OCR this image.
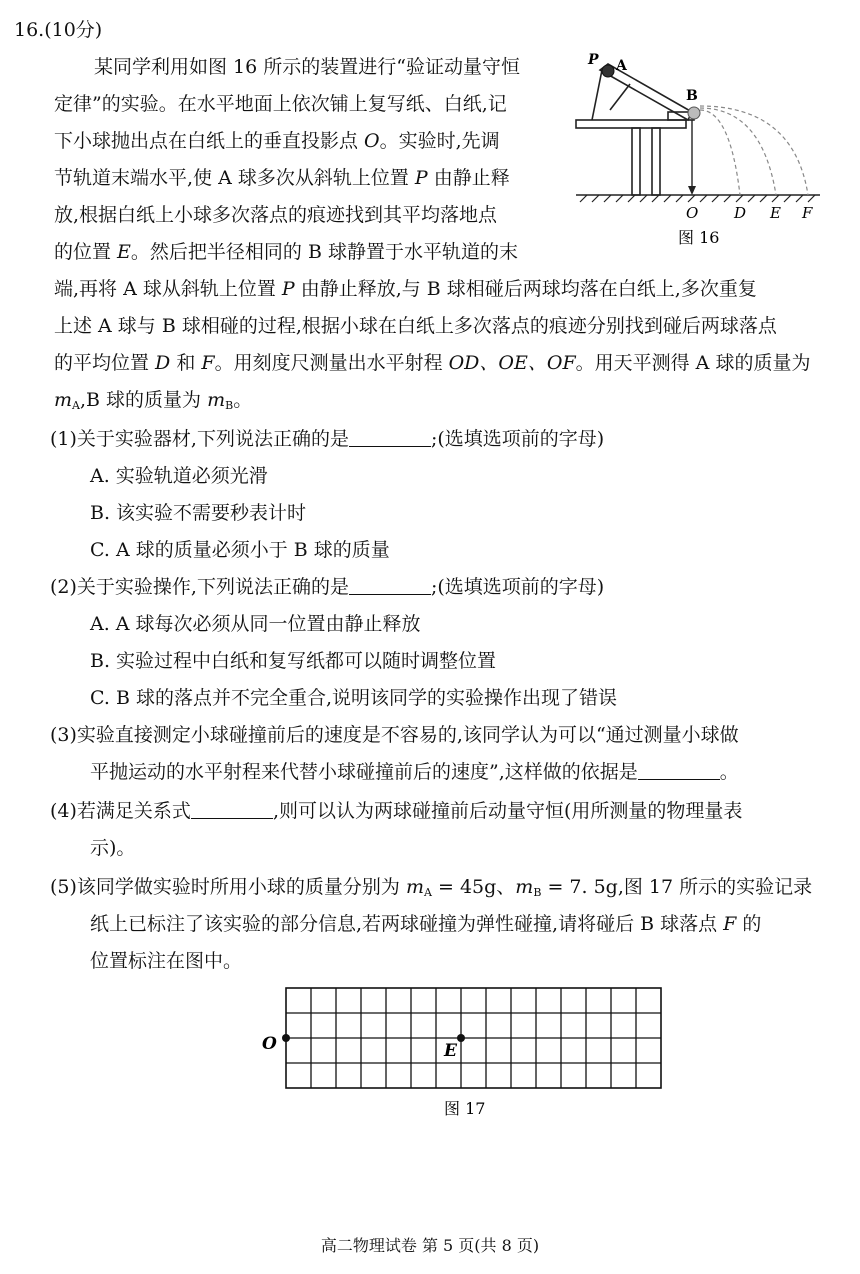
16.(10分)
某同学利用如图 16 所示的装置进行“验证动量守恒
定律”的实验。在水平地面上依次铺上复写纸、白纸,记
下小球抛出点在白纸上的垂直投影点 O。实验时,先调
节轨道末端水平,使 A 球多次从斜轨上位置 P 由静止释
放,根据白纸上小球多次落点的痕迹找到其平均落地点
的位置 E。然后把半径相同的 B 球静置于水平轨道的末
端,再将 A 球从斜轨上位置 P 由静止释放,与 B 球相碰后两球均落在白纸上,多次重复
上述 A 球与 B 球相碰的过程,根据小球在白纸上多次落点的痕迹分别找到碰后两球落点
的平均位置 D 和 F。用刻度尺测量出水平射程 OD、OE、OF。用天平测得 A 球的质量为
$m_A,B$ 球的质量为 $m_B$。
(1)关于实验器材,下列说法正确的是	;(选填选项前的字母)
A. 实验轨道必须光滑
B. 该实验不需要秒表计时
C. A 球的质量必须小于 B 球的质量
(2)关于实验操作,下列说法正确的是	;(选填选项前的字母)
A. A 球每次必须从同一位置由静止释放
B. 实验过程中白纸和复写纸都可以随时调整位置
C. B 球的落点并不完全重合,说明该同学的实验操作出现了错误
(3)实验直接测定小球碰撞前后的速度是不容易的,该同学认为可以“通过测量小球做
平抛运动的水平射程来代替小球碰撞前后的速度”,这样做的依据是	。
(4)若满足关系式	,则可以认为两球碰撞前后动量守恒(用所测量的物理量表
示)。
(5)该同学做实验时所用小球的质量分别为 $m_A = 45g$、$m_B = 7$. 5g,图 17 所示的实验记录
纸上已标注了该实验的部分信息,若两球碰撞为弹性碰撞,请将碰后 B 球落点 F 的
位置标注在图中。
P A
B
O D E F
图 16
O	E
图 17
高二物理试卷 第 5 页(共 8 页)
